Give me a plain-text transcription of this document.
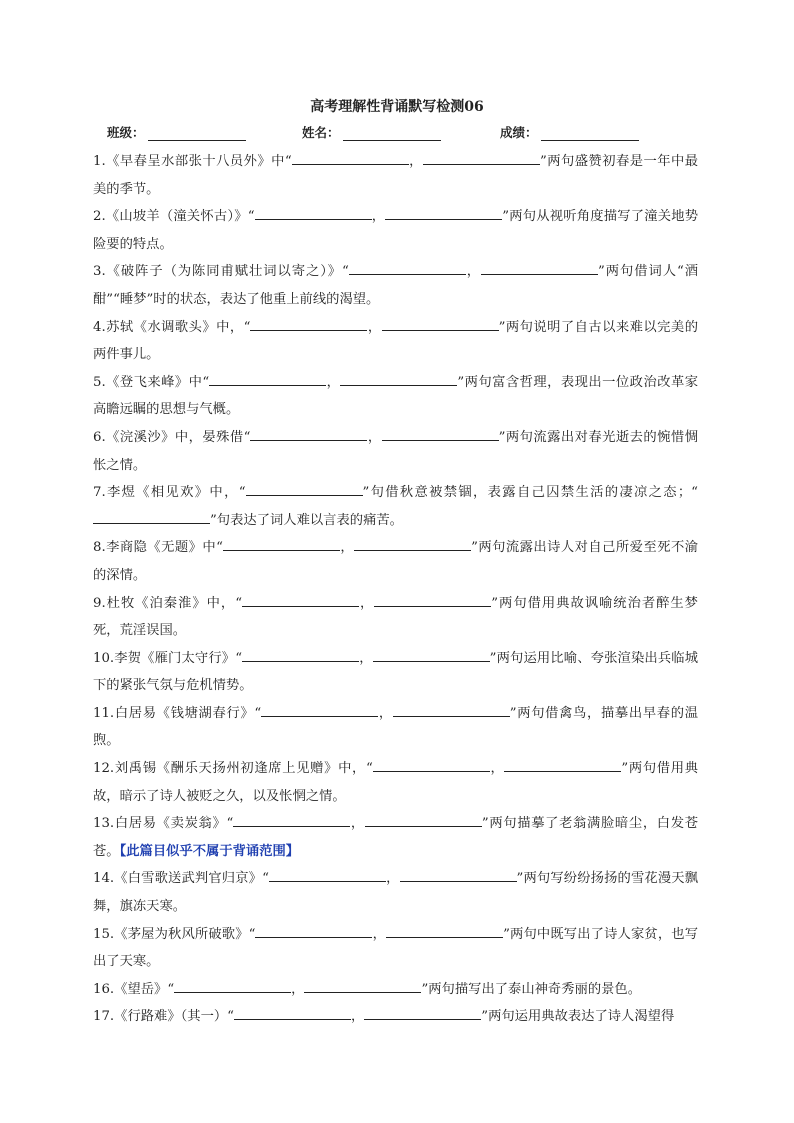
高考理解性背诵默写检测06
班级：	姓名：	成绩：

1.《早春呈水部张十八员外》中“	，	”两句盛赞初春是一年中最美的季节。

2.《山坡羊（潼关怀古）》“	，	”两句从视听角度描写了潼关地势险要的特点。

3.《破阵子（为陈同甫赋壮词以寄之）》“	，	”两句借词人“酒酣”“睡梦”时的状态，表达了他重上前线的渴望。

4.苏轼《水调歌头》中，“	，	”两句说明了自古以来难以完美的两件事儿。

5.《登飞来峰》中“	，	”两句富含哲理，表现出一位政治改革家高瞻远瞩的思想与气概。

6.《浣溪沙》中，晏殊借“	，	”两句流露出对春光逝去的惋惜惆怅之情。

7.李煜《相见欢》中，“	”句借秋意被禁锢，表露自己囚禁生活的凄凉之态；“”句表达了词人难以言表的痛苦。

8.李商隐《无题》中“	，	”两句流露出诗人对自己所爱至死不渝的深情。

9.杜牧《泊秦淮》中，“	，	”两句借用典故讽喻统治者醉生梦死，荒淫误国。

10.李贺《雁门太守行》“	，	”两句运用比喻、夸张渲染出兵临城下的紧张气氛与危机情势。

11.白居易《钱塘湖春行》“	，	”两句借禽鸟，描摹出早春的温煦。

12.刘禹锡《酬乐天扬州初逢席上见赠》中，“	，	”两句借用典故，暗示了诗人被贬之久，以及怅惘之情。

13.白居易《卖炭翁》“	，	”两句描摹了老翁满脸暗尘，白发苍苍。【此篇目似乎不属于背诵范围】

14.《白雪歌送武判官归京》“	，	”两句写纷纷扬扬的雪花漫天飘舞，旗冻天寒。

15.《茅屋为秋风所破歌》“	，	”两句中既写出了诗人家贫，也写出了天寒。

16.《望岳》“	，	”两句描写出了泰山神奇秀丽的景色。

17.《行路难》（其一）“	，	”两句运用典故表达了诗人渴望得
